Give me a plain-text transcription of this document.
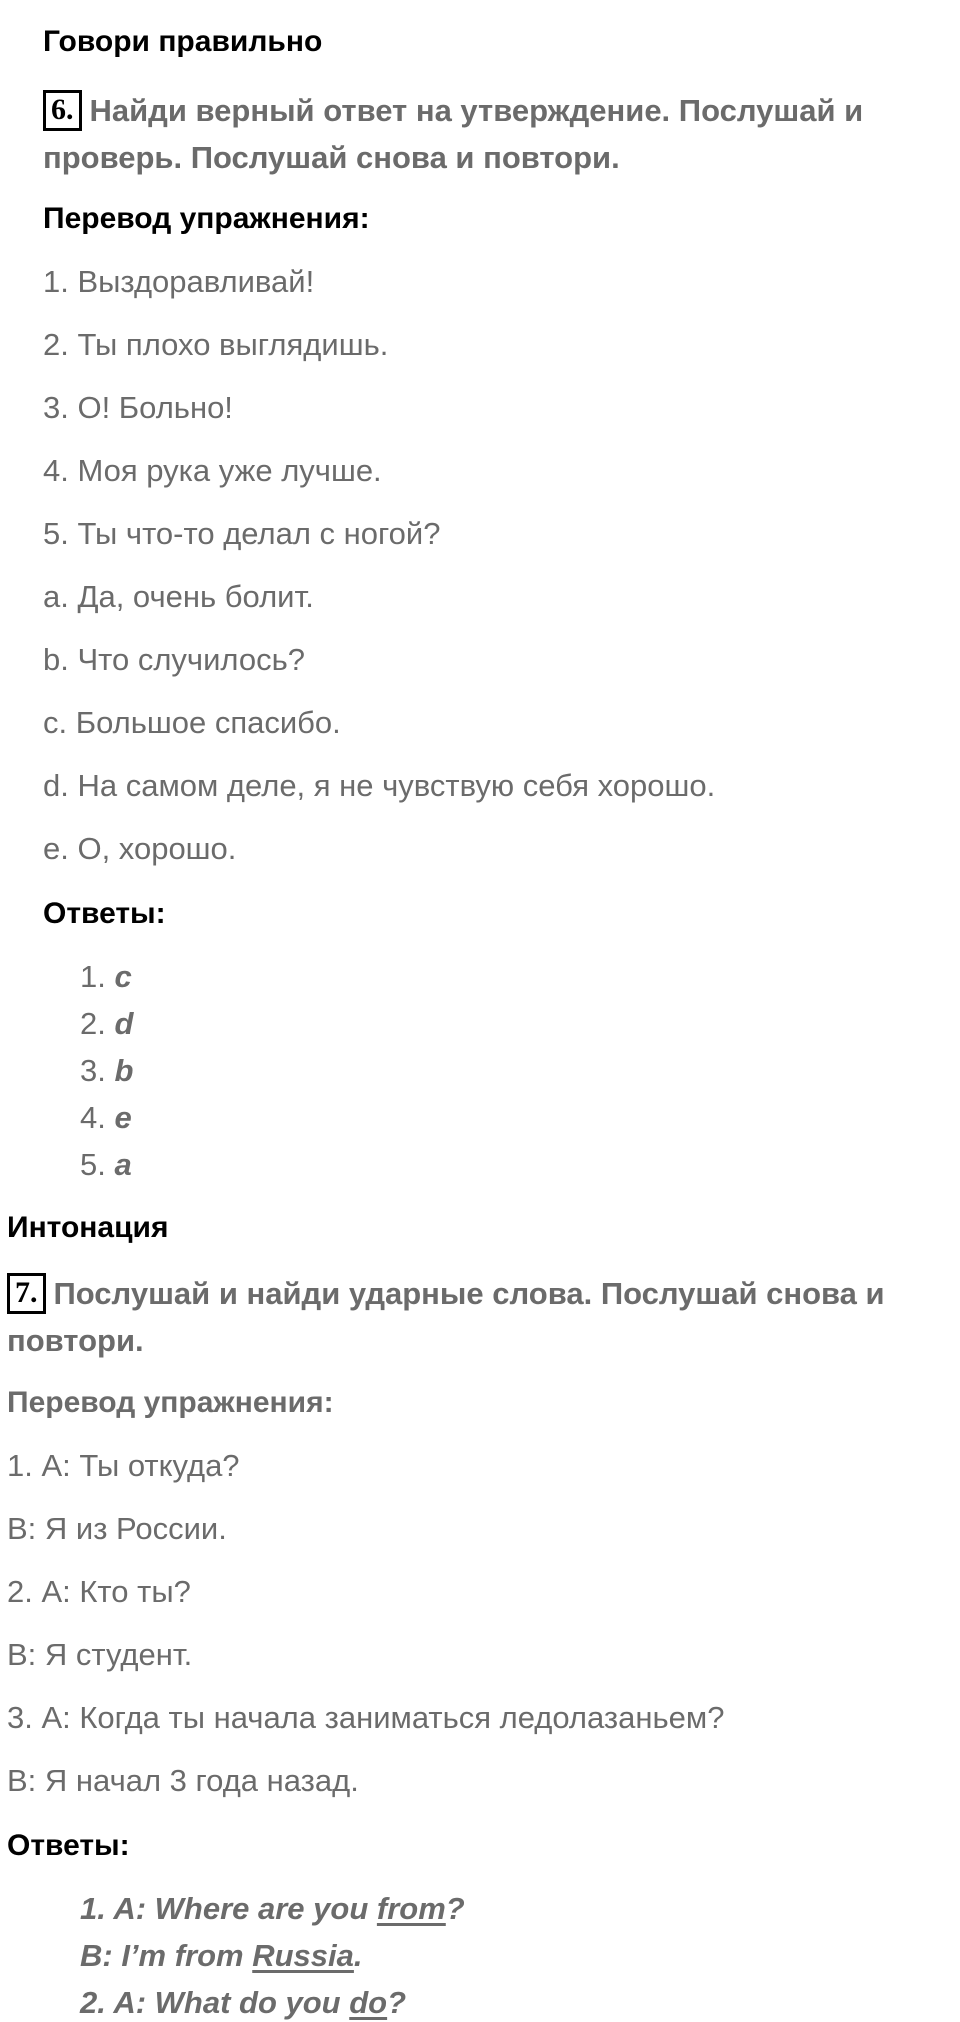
Говори правильно
6. Найди верный ответ на утверждение. Послушай и проверь. Послушай снова и повтори.
Перевод упражнения:
1. Выздоравливай!
2. Ты плохо выглядишь.
3. О! Больно!
4. Моя рука уже лучше.
5. Ты что-то делал с ногой?
a. Да, очень болит.
b. Что случилось?
c. Большое спасибо.
d. На самом деле, я не чувствую себя хорошо.
e. О, хорошо.
Ответы:
1. c
2. d
3. b
4. e
5. a
Интонация
7. Послушай и найди ударные слова. Послушай снова и повтори.
Перевод упражнения:
1. А: Ты откуда?
В: Я из России.
2. А: Кто ты?
В: Я студент.
3. А: Когда ты начала заниматься ледолазаньем?
В: Я начал 3 года назад.
Ответы:
1. A: Where are you from?
B: I’m from Russia.
2. A: What do you do?
